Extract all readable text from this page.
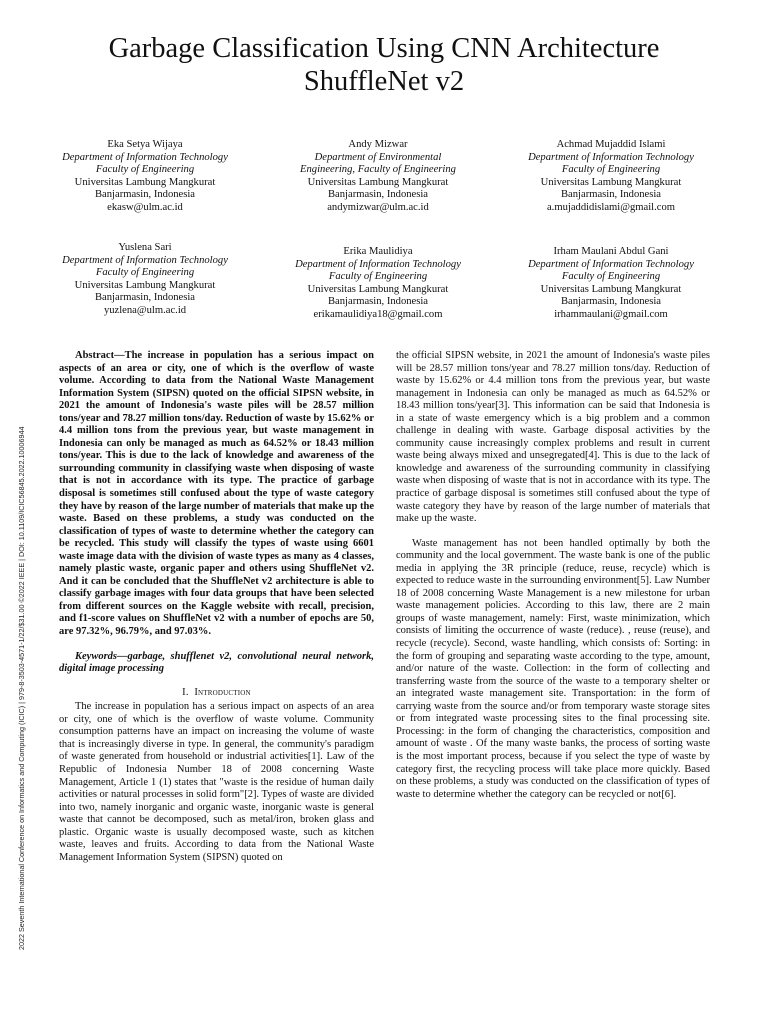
2022 Seventh International Conference on Informatics and Computing (ICIC) | 979-8-3503-4571-1/22/$31.00 ©2022 IEEE | DOI: 10.1109/ICIC56845.2022.10006944
Garbage Classification Using CNN Architecture
ShuffleNet v2
Eka Setya Wijaya
Department of Information Technology
Faculty of Engineering
Universitas Lambung Mangkurat
Banjarmasin, Indonesia
ekasw@ulm.ac.id
Andy Mizwar
Department of Environmental
Engineering, Faculty of Engineering
Universitas Lambung Mangkurat
Banjarmasin, Indonesia
andymizwar@ulm.ac.id
Achmad Mujaddid Islami
Department of Information Technology
Faculty of Engineering
Universitas Lambung Mangkurat
Banjarmasin, Indonesia
a.mujaddidislami@gmail.com
Yuslena Sari
Department of Information Technology
Faculty of Engineering
Universitas Lambung Mangkurat
Banjarmasin, Indonesia
yuzlena@ulm.ac.id
Erika Maulidiya
Department of Information Technology
Faculty of Engineering
Universitas Lambung Mangkurat
Banjarmasin, Indonesia
erikamaulidiya18@gmail.com
Irham Maulani Abdul Gani
Department of Information Technology
Faculty of Engineering
Universitas Lambung Mangkurat
Banjarmasin, Indonesia
irhammaulani@gmail.com

Abstract—The increase in population has a serious impact on aspects of an area or city, one of which is the overflow of waste volume. According to data from the National Waste Management Information System (SIPSN) quoted on the official SIPSN website, in 2021 the amount of Indonesia's waste piles will be 28.57 million tons/year and 78.27 million tons/day. Reduction of waste by 15.62% or 4.4 million tons from the previous year, but waste management in Indonesia can only be managed as much as 64.52% or 18.43 million tons/year. This is due to the lack of knowledge and awareness of the surrounding community in classifying waste when disposing of waste that is not in accordance with its type. The practice of garbage disposal is sometimes still confused about the type of waste category they have by reason of the large number of materials that make up the waste. Based on these problems, a study was conducted on the classification of types of waste to determine whether the category can be recycled. This study will classify the types of waste using 6601 waste image data with the division of waste types as many as 4 classes, namely plastic waste, organic paper and others using ShuffleNet v2. And it can be concluded that the ShuffleNet v2 architecture is able to classify garbage images with four data groups that have been selected from different sources on the Kaggle website with recall, precision, and f1-score values on ShuffleNet v2 with a number of epochs are 50, are 97.32%, 96.79%, and 97.03%.

Keywords—garbage, shufflenet v2, convolutional neural network, digital image processing

I. Introduction

The increase in population has a serious impact on aspects of an area or city, one of which is the overflow of waste volume. Community consumption patterns have an impact on increasing the volume of waste that is increasingly diverse in type. In general, the community's paradigm of waste generated from household or industrial activities[1]. Law of the Republic of Indonesia Number 18 of 2008 concerning Waste Management, Article 1 (1) states that "waste is the residue of human daily activities or natural processes in solid form"[2]. Types of waste are divided into two, namely inorganic and organic waste, inorganic waste is general waste that cannot be decomposed, such as metal/iron, broken glass and plastic. Organic waste is usually decomposed waste, such as kitchen waste, leaves and fruits. According to data from the National Waste Management Information System (SIPSN) quoted on

the official SIPSN website, in 2021 the amount of Indonesia's waste piles will be 28.57 million tons/year and 78.27 million tons/day. Reduction of waste by 15.62% or 4.4 million tons from the previous year, but waste management in Indonesia can only be managed as much as 64.52% or 18.43 million tons/year[3]. This information can be said that Indonesia is in a state of waste emergency which is a big problem and a common challenge in dealing with waste. Garbage disposal activities by the community cause increasingly complex problems and result in current waste being always mixed and unsegregated[4]. This is due to the lack of knowledge and awareness of the surrounding community in classifying waste when disposing of waste that is not in accordance with its type. The practice of garbage disposal is sometimes still confused about the type of waste category they have by reason of the large number of materials that make up the waste.

Waste management has not been handled optimally by both the community and the local government. The waste bank is one of the public media in applying the 3R principle (reduce, reuse, recycle) which is expected to reduce waste in the surrounding environment[5]. Law Number 18 of 2008 concerning Waste Management is a new milestone for urban waste management policies. According to this law, there are 2 main groups of waste management, namely: First, waste minimization, which consists of limiting the occurrence of waste (reduce). , reuse (reuse), and recycle (recycle). Second, waste handling, which consists of: Sorting: in the form of grouping and separating waste according to the type, amount, and/or nature of the waste. Collection: in the form of collecting and transferring waste from the source of the waste to a temporary shelter or an integrated waste management site. Transportation: in the form of carrying waste from the source and/or from temporary waste storage sites or from integrated waste processing sites to the final processing site. Processing: in the form of changing the characteristics, composition and amount of waste . Of the many waste banks, the process of sorting waste is the most important process, because if you select the type of waste by category first, the recycling process will take place more quickly. Based on these problems, a study was conducted on the classification of types of waste to determine whether the category can be recycled or not[6].
